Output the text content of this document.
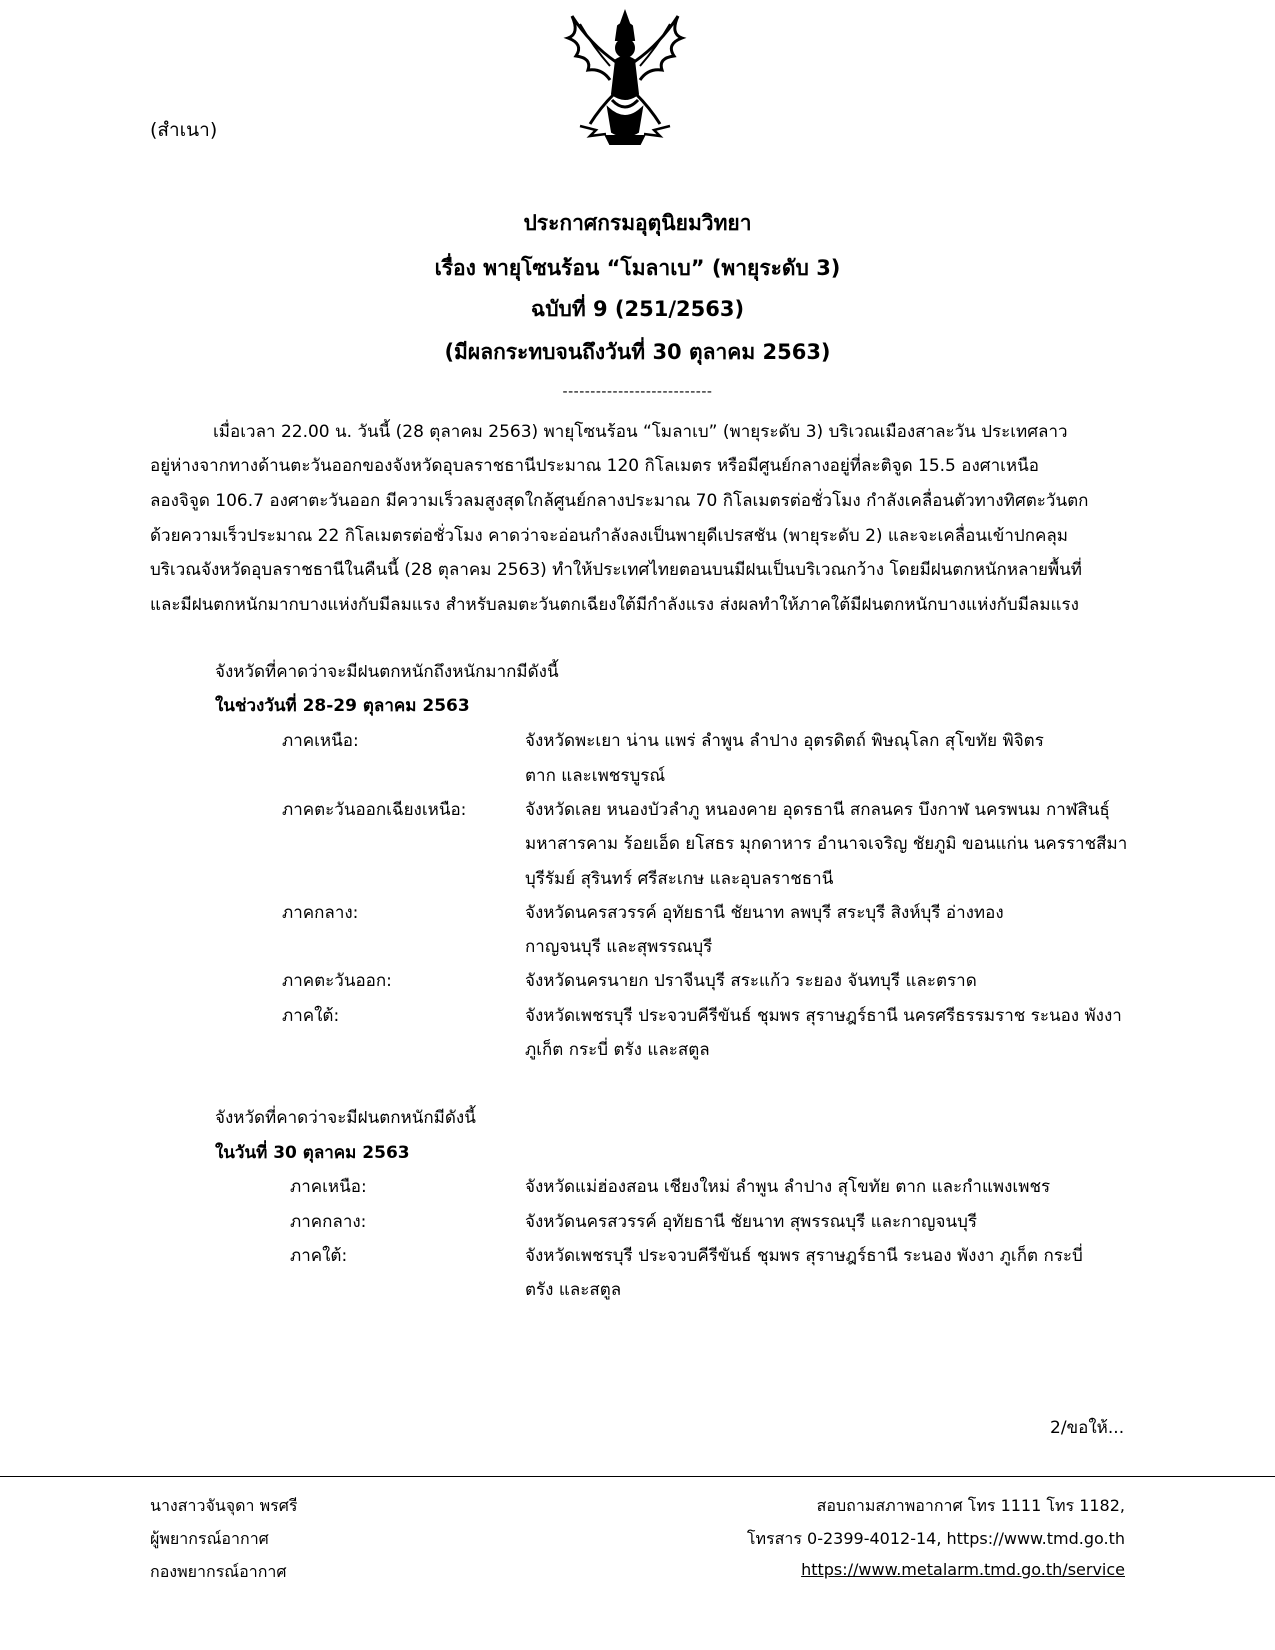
(สำเนา)
ประกาศกรมอุตุนิยมวิทยา
เรื่อง พายุโซนร้อน “โมลาเบ” (พายุระดับ 3)
ฉบับที่ 9 (251/2563)
(มีผลกระทบจนถึงวันที่ 30 ตุลาคม 2563)
---------------------------
เมื่อเวลา 22.00 น. วันนี้ (28 ตุลาคม 2563) พายุโซนร้อน “โมลาเบ” (พายุระดับ 3) บริเวณเมืองสาละวัน ประเทศลาว
อยู่ห่างจากทางด้านตะวันออกของจังหวัดอุบลราชธานีประมาณ 120 กิโลเมตร หรือมีศูนย์กลางอยู่ที่ละติจูด 15.5 องศาเหนือ
ลองจิจูด 106.7 องศาตะวันออก มีความเร็วลมสูงสุดใกล้ศูนย์กลางประมาณ 70 กิโลเมตรต่อชั่วโมง กำลังเคลื่อนตัวทางทิศตะวันตก
ด้วยความเร็วประมาณ 22 กิโลเมตรต่อชั่วโมง คาดว่าจะอ่อนกำลังลงเป็นพายุดีเปรสชัน (พายุระดับ 2) และจะเคลื่อนเข้าปกคลุม
บริเวณจังหวัดอุบลราชธานีในคืนนี้ (28 ตุลาคม 2563) ทำให้ประเทศไทยตอนบนมีฝนเป็นบริเวณกว้าง โดยมีฝนตกหนักหลายพื้นที่
และมีฝนตกหนักมากบางแห่งกับมีลมแรง สำหรับลมตะวันตกเฉียงใต้มีกำลังแรง ส่งผลทำให้ภาคใต้มีฝนตกหนักบางแห่งกับมีลมแรง
จังหวัดที่คาดว่าจะมีฝนตกหนักถึงหนักมากมีดังนี้
ในช่วงวันที่ 28-29 ตุลาคม 2563
ภาคเหนือ:	จังหวัดพะเยา น่าน แพร่ ลำพูน ลำปาง อุตรดิตถ์ พิษณุโลก สุโขทัย พิจิตร
ตาก และเพชรบูรณ์
ภาคตะวันออกเฉียงเหนือ:	จังหวัดเลย หนองบัวลำภู หนองคาย อุดรธานี สกลนคร บึงกาฬ นครพนม กาฬสินธุ์
มหาสารคาม ร้อยเอ็ด ยโสธร มุกดาหาร อำนาจเจริญ ชัยภูมิ ขอนแก่น นครราชสีมา
บุรีรัมย์ สุรินทร์ ศรีสะเกษ และอุบลราชธานี
ภาคกลาง:	จังหวัดนครสวรรค์ อุทัยธานี ชัยนาท ลพบุรี สระบุรี สิงห์บุรี อ่างทอง
กาญจนบุรี และสุพรรณบุรี
ภาคตะวันออก:	จังหวัดนครนายก ปราจีนบุรี สระแก้ว ระยอง จันทบุรี และตราด
ภาคใต้:	จังหวัดเพชรบุรี ประจวบคีรีขันธ์ ชุมพร สุราษฎร์ธานี นครศรีธรรมราช ระนอง พังงา
ภูเก็ต กระบี่ ตรัง และสตูล
จังหวัดที่คาดว่าจะมีฝนตกหนักมีดังนี้
ในวันที่ 30 ตุลาคม 2563
ภาคเหนือ:	จังหวัดแม่ฮ่องสอน เชียงใหม่ ลำพูน ลำปาง สุโขทัย ตาก และกำแพงเพชร
ภาคกลาง:	จังหวัดนครสวรรค์ อุทัยธานี ชัยนาท สุพรรณบุรี และกาญจนบุรี
ภาคใต้:	จังหวัดเพชรบุรี ประจวบคีรีขันธ์ ชุมพร สุราษฎร์ธานี ระนอง พังงา ภูเก็ต กระบี่
ตรัง และสตูล
2/ขอให้...
นางสาวจันจุดา พรศรี
ผู้พยากรณ์อากาศ
กองพยากรณ์อากาศ
สอบถามสภาพอากาศ โทร 1111 โทร 1182,
โทรสาร 0-2399-4012-14, https://www.tmd.go.th
https://www.metalarm.tmd.go.th/service
